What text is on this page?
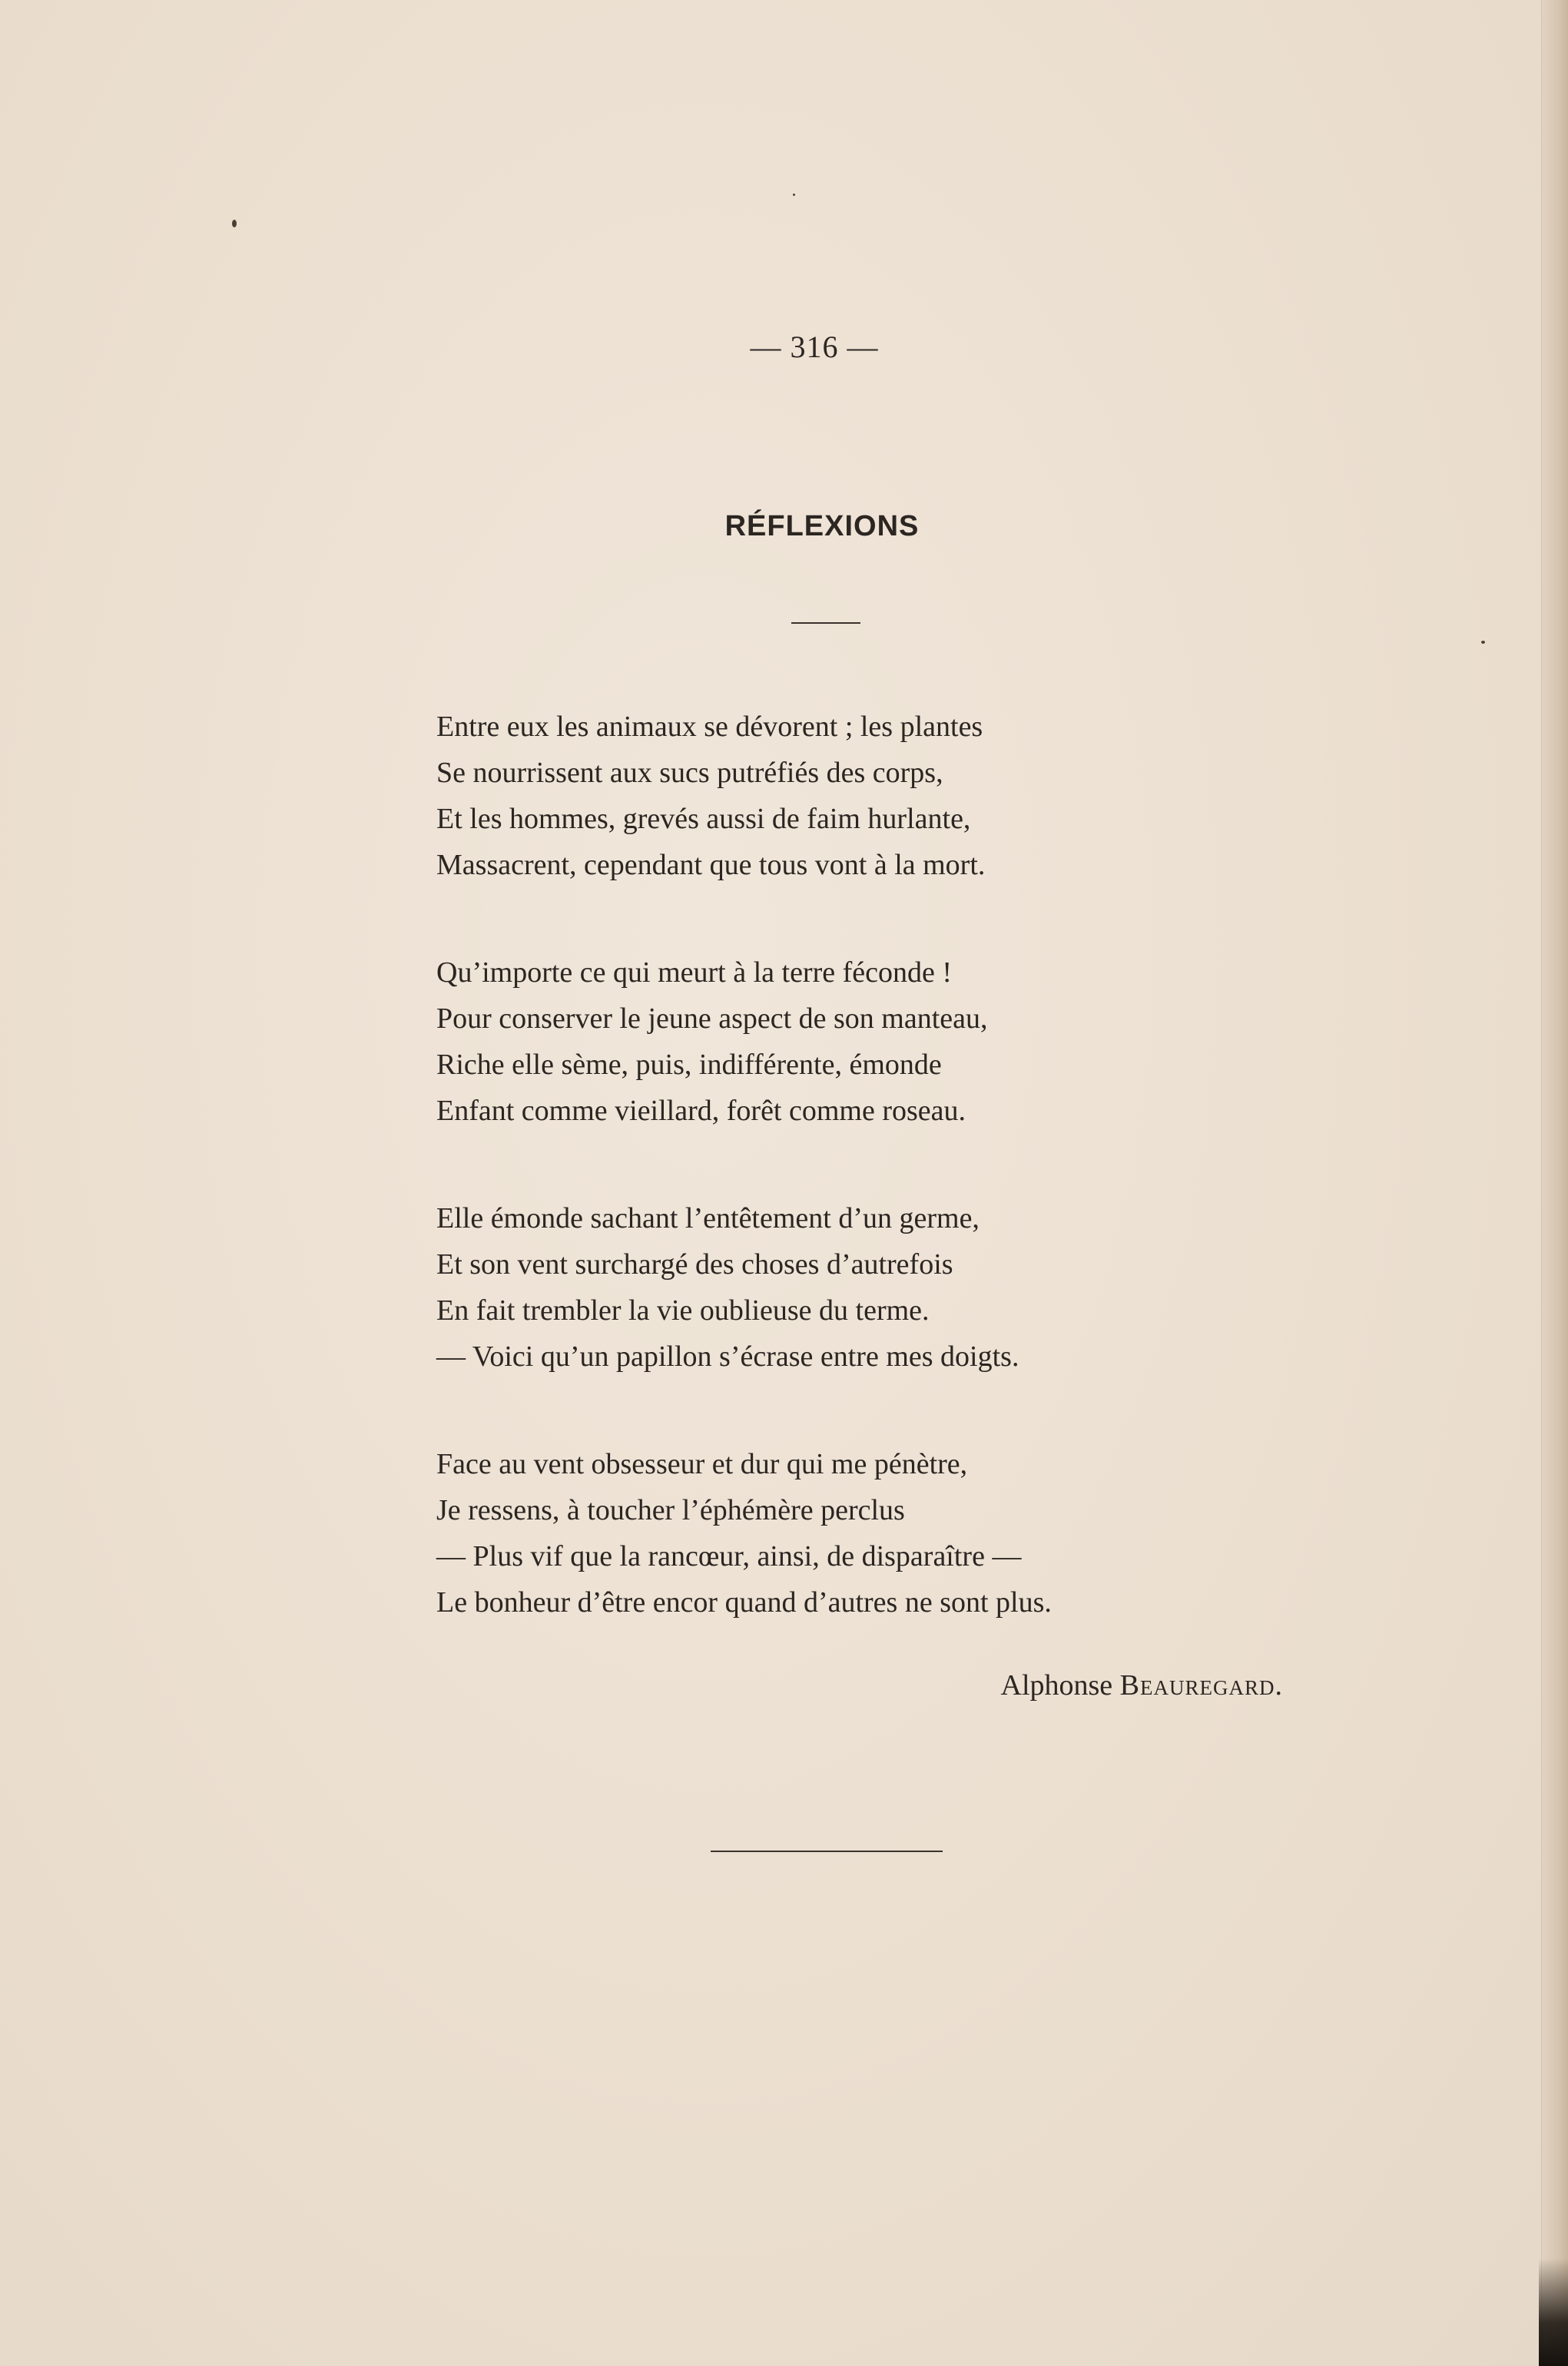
— 316 —
RÉFLEXIONS
Entre eux les animaux se dévorent ; les plantes
Se nourrissent aux sucs putréfiés des corps,
Et les hommes, grevés aussi de faim hurlante,
Massacrent, cependant que tous vont à la mort.
Qu’importe ce qui meurt à la terre féconde !
Pour conserver le jeune aspect de son manteau,
Riche elle sème, puis, indifférente, émonde
Enfant comme vieillard, forêt comme roseau.
Elle émonde sachant l’entêtement d’un germe,
Et son vent surchargé des choses d’autrefois
En fait trembler la vie oublieuse du terme.
— Voici qu’un papillon s’écrase entre mes doigts.
Face au vent obsesseur et dur qui me pénètre,
Je ressens, à toucher l’éphémère perclus
— Plus vif que la rancœur, ainsi, de disparaître —
Le bonheur d’être encor quand d’autres ne sont plus.
Alphonse Beauregard.
